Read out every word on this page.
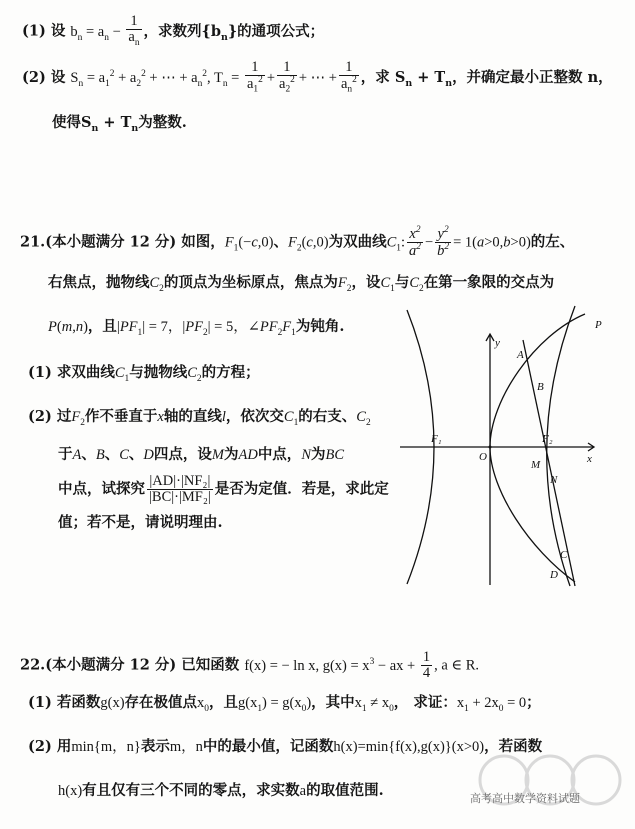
(1) 设 $b_n = a_n - \frac{1}{a_n}$ ，求数列$\{b_n\}$的通项公式；
(2) 设 $S_n = a_1^2 + a_2^2$ + ⋯ + $a_n^2$, $T_n = \frac{1}{a_1^2} + \frac{1}{a_2^2}$ + ⋯ + $\frac{1}{a_n^2}$ ，求 $S_n + T_n$，并确定最小正整数 n，
使得$S_n + T_n$为整数.
21.(本小题满分 12 分) 如图，$F_1(-c,0)$、$F_2(c,0)$为双曲线$C_1$: $\frac{x^2}{a^2} - \frac{y^2}{b^2} = 1(a>0,b>0)$的左、
右焦点，抛物线$C_2$的顶点为坐标原点，焦点为$F_2$，设$C_1$与$C_2$在第一象限的交点为
P(m,n)，且$|PF_1| = 7$，$|PF_2| = 5$，$\angle PF_2F_1$为钝角.
(1) 求双曲线$C_1$与抛物线$C_2$的方程；
(2) 过$F_2$作不垂直于x轴的直线l，依次交$C_1$的右支、$C_2$
于A、B、C、D四点，设M为AD中点，N为BC
中点，试探究 $\frac{\text{|AD|·|NF₂|}}{\text{|BC|·|MF₂|}}$ 是否为定值．若是，求此定
值；若不是，请说明理由.
P
A
B
F₁	F₂
O
M
N
C
D
x
y
22.(本小题满分 12 分) 已知函数 f(x) = − ln x, $g(x) = x^3$ − ax + $\frac{1}{4}$ , a ∈ R.
(1) 若函数g(x)存在极值点$x_0$，且$g(x_1) = g(x_0)$，其中$x_1 \ne x_0$， 求证：$x_1 + 2x_0 = 0$；
(2) 用min{m，n}表示m，n中的最小值，记函数h(x)=min{f(x),g(x)}(x>0)，若函数
h(x)有且仅有三个不同的零点，求实数a的取值范围.	高考高中数学资料试题
